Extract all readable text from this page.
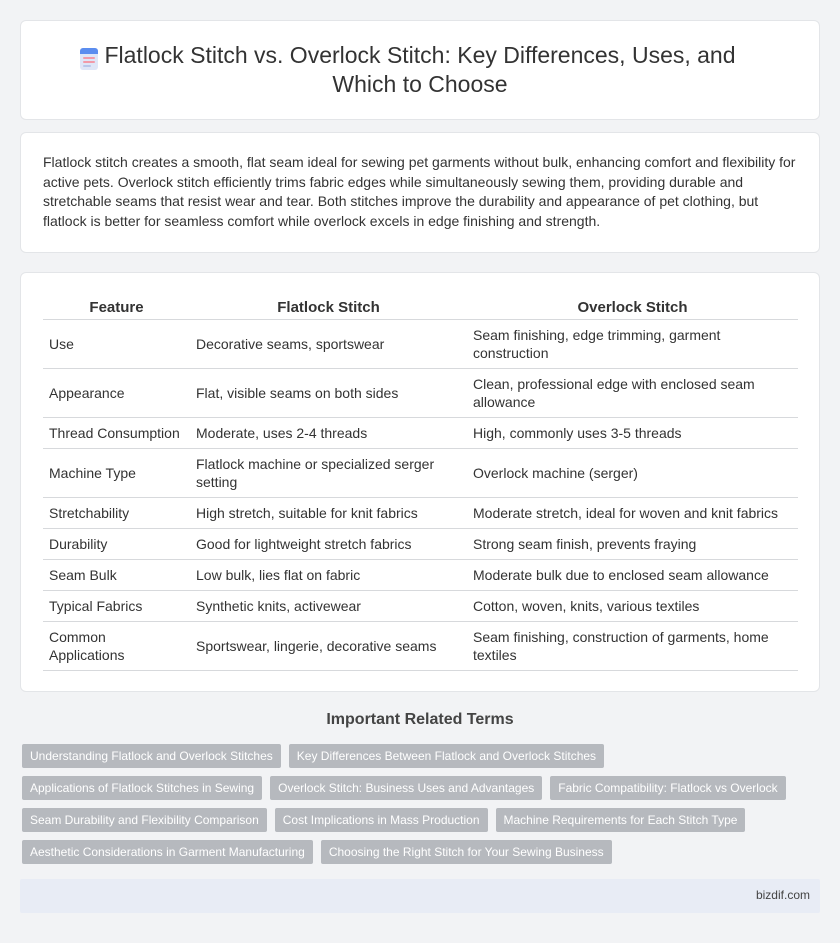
Flatlock Stitch vs. Overlock Stitch: Key Differences, Uses, and Which to Choose

Flatlock stitch creates a smooth, flat seam ideal for sewing pet garments without bulk, enhancing comfort and flexibility for active pets. Overlock stitch efficiently trims fabric edges while simultaneously sewing them, providing durable and stretchable seams that resist wear and tear. Both stitches improve the durability and appearance of pet clothing, but flatlock is better for seamless comfort while overlock excels in edge finishing and strength.

Feature	Flatlock Stitch	Overlock Stitch
Use	Decorative seams, sportswear	Seam finishing, edge trimming, garment construction
Appearance	Flat, visible seams on both sides	Clean, professional edge with enclosed seam allowance
Thread Consumption	Moderate, uses 2-4 threads	High, commonly uses 3-5 threads
Machine Type	Flatlock machine or specialized serger setting	Overlock machine (serger)
Stretchability	High stretch, suitable for knit fabrics	Moderate stretch, ideal for woven and knit fabrics
Durability	Good for lightweight stretch fabrics	Strong seam finish, prevents fraying
Seam Bulk	Low bulk, lies flat on fabric	Moderate bulk due to enclosed seam allowance
Typical Fabrics	Synthetic knits, activewear	Cotton, woven, knits, various textiles
Common Applications	Sportswear, lingerie, decorative seams	Seam finishing, construction of garments, home textiles
Important Related Terms
Understanding Flatlock and Overlock Stitches	Key Differences Between Flatlock and Overlock Stitches
Applications of Flatlock Stitches in Sewing	Overlock Stitch: Business Uses and Advantages	Fabric Compatibility: Flatlock vs Overlock
Seam Durability and Flexibility Comparison	Cost Implications in Mass Production	Machine Requirements for Each Stitch Type
Aesthetic Considerations in Garment Manufacturing	Choosing the Right Stitch for Your Sewing Business
bizdif.com
